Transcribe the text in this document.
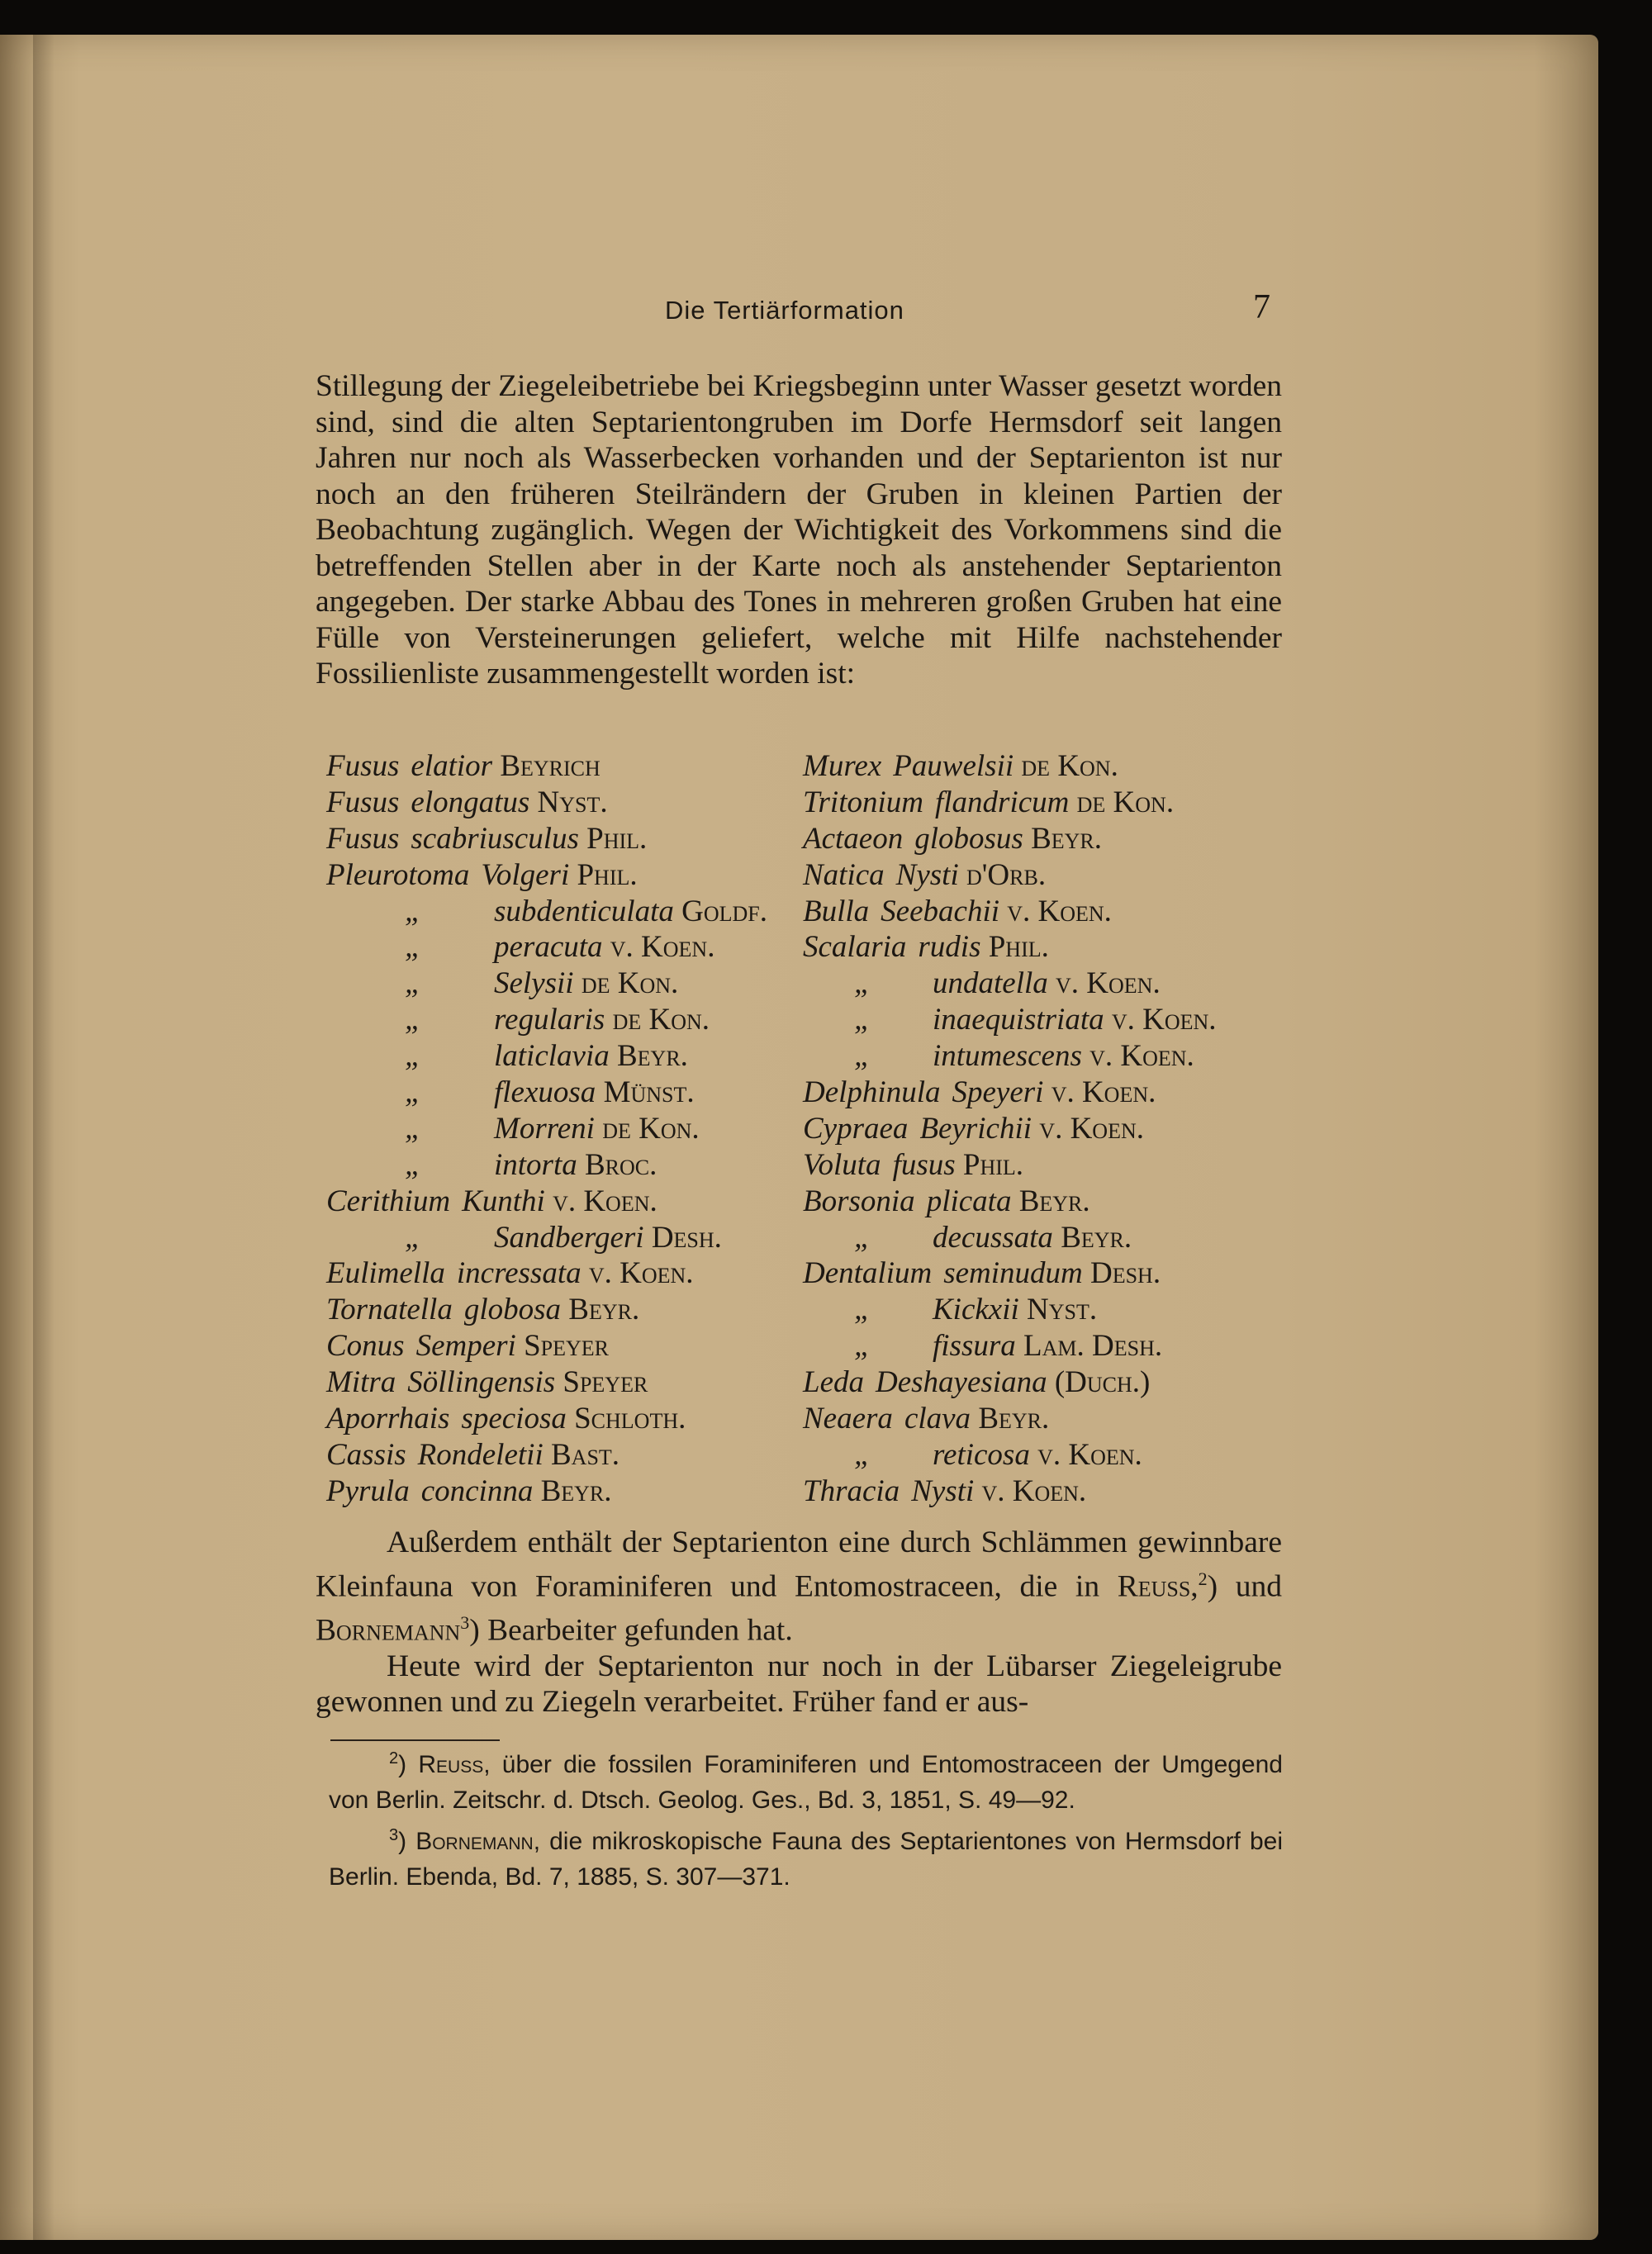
Die Tertiärformation	7

Stillegung der Ziegeleibetriebe bei Kriegsbeginn unter Wasser gesetzt worden sind, sind die alten Septarientongruben im Dorfe Hermsdorf seit langen Jahren nur noch als Wasserbecken vorhanden und der Septarienton ist nur noch an den früheren Steilrändern der Gruben in kleinen Partien der Beobachtung zugänglich. Wegen der Wichtigkeit des Vorkommens sind die betreffenden Stellen aber in der Karte noch als anstehender Septarienton angegeben. Der starke Abbau des Tones in mehreren großen Gruben hat eine Fülle von Versteinerungen geliefert, welche mit Hilfe nachstehender Fossilienliste zusammengestellt worden ist:

Fusus elatior Beyrich
Fusus elongatus Nyst.
Fusus scabriusculus Phil.
Pleurotoma Volgeri Phil.
„ subdenticulata Goldf.
„ peracuta v. Koen.
„ Selysii de Kon.
„ regularis de Kon.
„ laticlavia Beyr.
„ flexuosa Münst.
„ Morreni de Kon.
„ intorta Broc.
Cerithium Kunthi v. Koen.
„ Sandbergeri Desh.
Eulimella incressata v. Koen.
Tornatella globosa Beyr.
Conus Semperi Speyer
Mitra Söllingensis Speyer
Aporrhais speciosa Schloth.
Cassis Rondeletii Bast.
Pyrula concinna Beyr.
Murex Pauwelsii de Kon.
Tritonium flandricum de Kon.
Actaeon globosus Beyr.
Natica Nysti d'Orb.
Bulla Seebachii v. Koen.
Scalaria rudis Phil.
„ undatella v. Koen.
„ inaequistriata v. Koen.
„ intumescens v. Koen.
Delphinula Speyeri v. Koen.
Cypraea Beyrichii v. Koen.
Voluta fusus Phil.
Borsonia plicata Beyr.
„ decussata Beyr.
Dentalium seminudum Desh.
„ Kickxii Nyst.
„ fissura Lam. Desh.
Leda Deshayesiana (Duch.)
Neaera clava Beyr.
„ reticosa v. Koen.
Thracia Nysti v. Koen.

Außerdem enthält der Septarienton eine durch Schlämmen gewinnbare Kleinfauna von Foraminiferen und Entomostraceen, die in Reuss,$^2$) und Bornemann$^3$) Bearbeiter gefunden hat.

Heute wird der Septarienton nur noch in der Lübarser Ziegeleigrube gewonnen und zu Ziegeln verarbeitet. Früher fand er aus-

$^2$) Reuss, über die fossilen Foraminiferen und Entomostraceen der Umgegend von Berlin. Zeitschr. d. Dtsch. Geolog. Ges., Bd. 3, 1851, S. 49—92.

$^3$) Bornemann, die mikroskopische Fauna des Septarientones von Hermsdorf bei Berlin. Ebenda, Bd. 7, 1885, S. 307—371.
